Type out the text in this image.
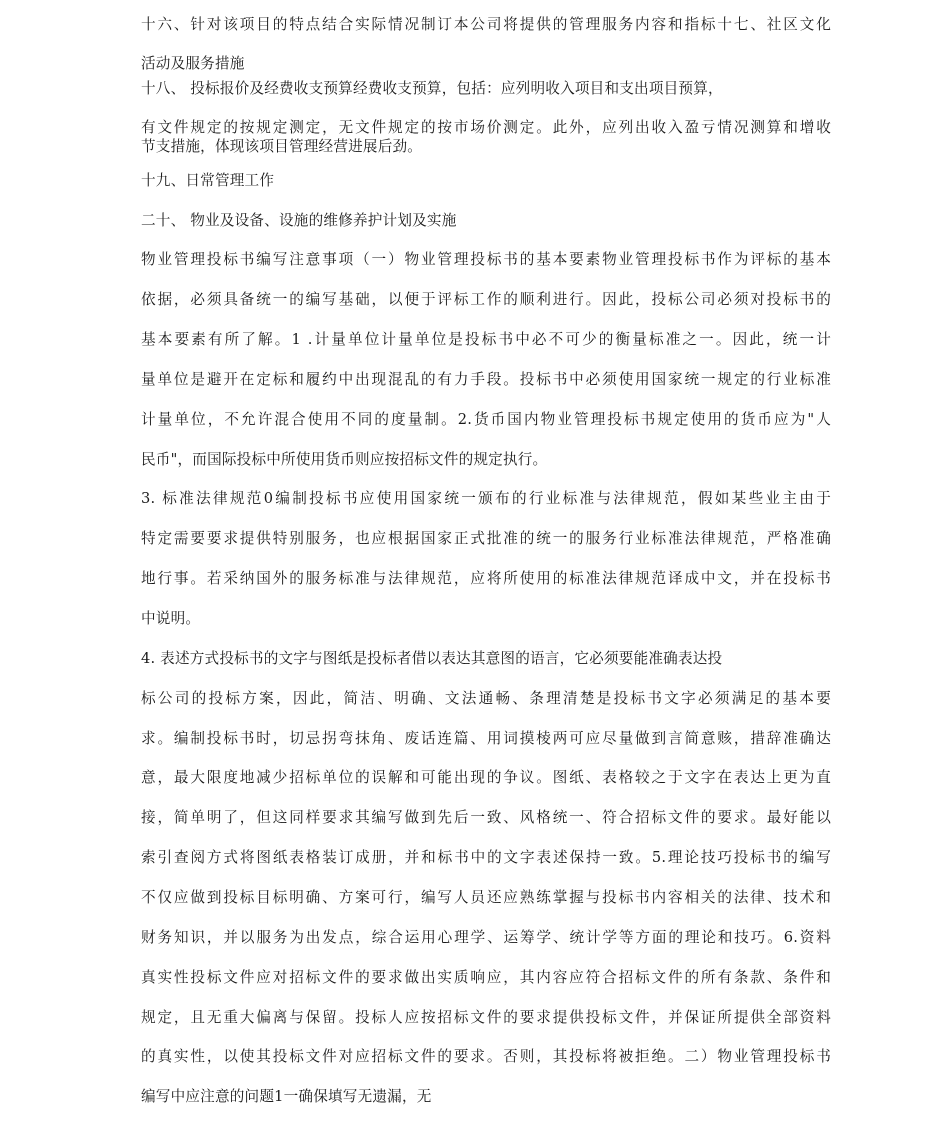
十六、针对该项目的特点结合实际情况制订本公司将提供的管理服务内容和指标十七、社区文化
活动及服务措施
十八、 投标报价及经费收支预算经费收支预算，包括：应列明收入项目和支出项目预算，
有文件规定的按规定测定，无文件规定的按市场价测定。此外，应列出收入盈亏情况测算和增收
节支措施，体现该项目管理经营进展后劲。
十九、日常管理工作
二十、 物业及设备、设施的维修养护计划及实施
物业管理投标书编写注意事项（一）物业管理投标书的基本要素物业管理投标书作为评标的基本
依据，必须具备统一的编写基础，以便于评标工作的顺利进行。因此，投标公司必须对投标书的
基本要素有所了解。1 .计量单位计量单位是投标书中必不可少的衡量标准之一。因此，统一计
量单位是避开在定标和履约中出现混乱的有力手段。投标书中必须使用国家统一规定的行业标准
计量单位，不允许混合使用不同的度量制。2.货币国内物业管理投标书规定使用的货币应为"人
民币"，而国际投标中所使用货币则应按招标文件的规定执行。
3. 标准法律规范0编制投标书应使用国家统一颁布的行业标准与法律规范，假如某些业主由于
特定需要要求提供特别服务，也应根据国家正式批准的统一的服务行业标准法律规范，严格准确
地行事。若采纳国外的服务标准与法律规范，应将所使用的标准法律规范译成中文，并在投标书
中说明。
4. 表述方式投标书的文字与图纸是投标者借以表达其意图的语言，它必须要能准确表达投
标公司的投标方案，因此，简洁、明确、文法通畅、条理清楚是投标书文字必须满足的基本要
求。编制投标书时，切忌拐弯抹角、废话连篇、用词摸棱两可应尽量做到言简意赅，措辞准确达
意，最大限度地减少招标单位的误解和可能出现的争议。图纸、表格较之于文字在表达上更为直
接，简单明了，但这同样要求其编写做到先后一致、风格统一、符合招标文件的要求。最好能以
索引查阅方式将图纸表格装订成册，并和标书中的文字表述保持一致。5.理论技巧投标书的编写
不仅应做到投标目标明确、方案可行，编写人员还应熟练掌握与投标书内容相关的法律、技术和
财务知识，并以服务为出发点，综合运用心理学、运筹学、统计学等方面的理论和技巧。6.资料
真实性投标文件应对招标文件的要求做出实质响应，其内容应符合招标文件的所有条款、条件和
规定，且无重大偏离与保留。投标人应按招标文件的要求提供投标文件，并保证所提供全部资料
的真实性，以使其投标文件对应招标文件的要求。否则，其投标将被拒绝。二）物业管理投标书
编写中应注意的问题1一确保填写无遗漏，无
